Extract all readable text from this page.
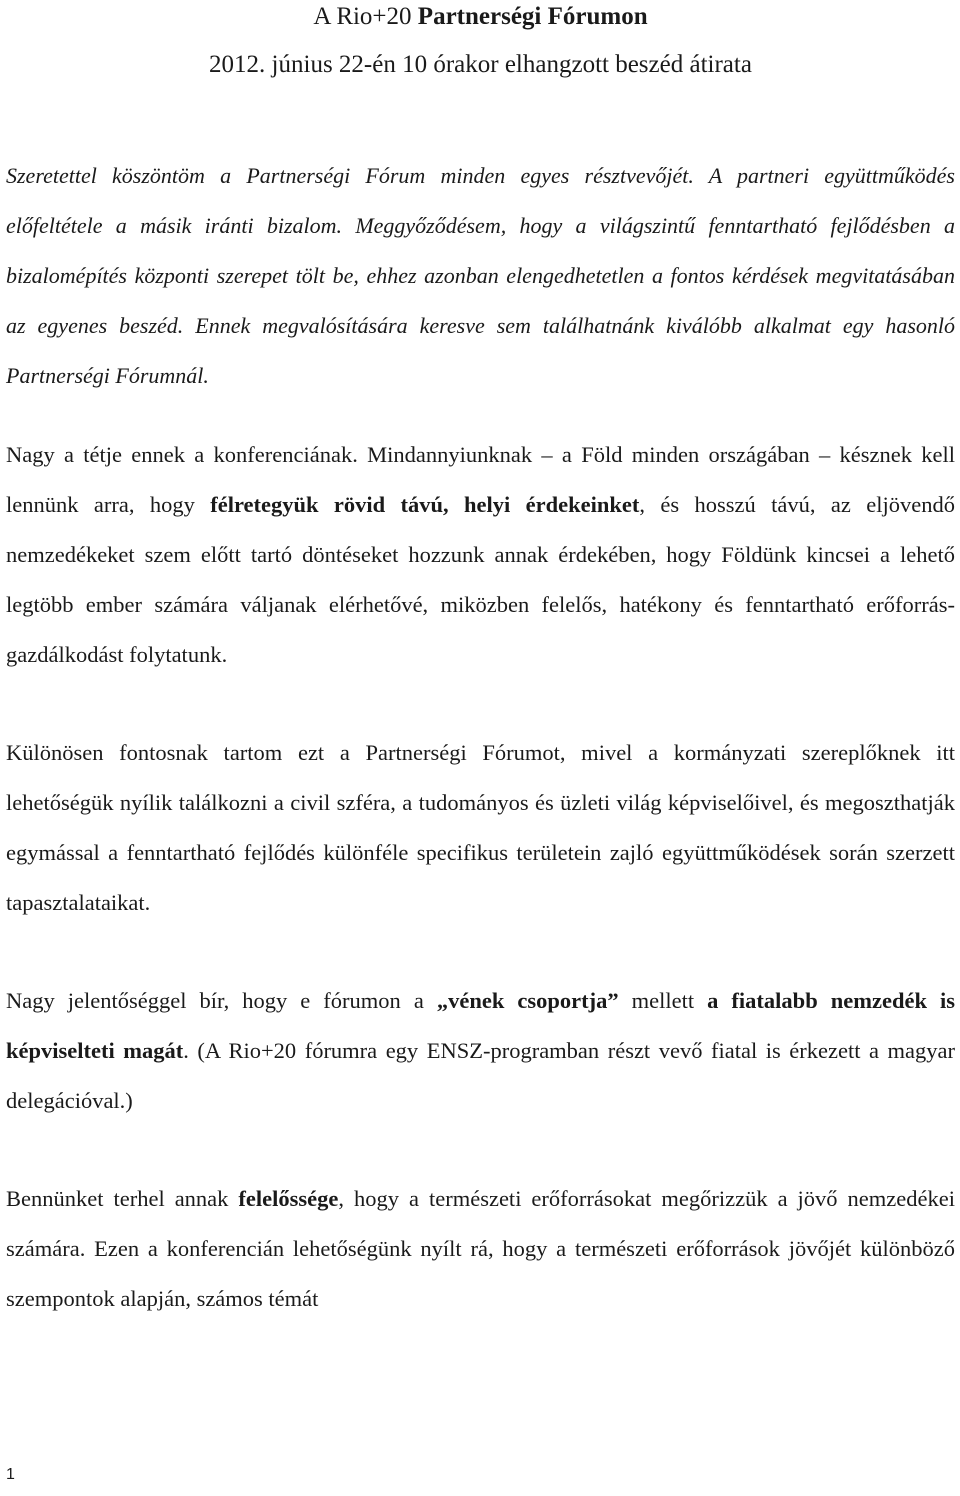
A Rio+20 Partnerségi Fórumon
2012. június 22-én 10 órakor elhangzott beszéd átirata

Szeretettel köszöntöm a Partnerségi Fórum minden egyes résztvevőjét. A partneri együttműködés előfeltétele a másik iránti bizalom. Meggyőződésem, hogy a világszintű fenntartható fejlődésben a bizalomépítés központi szerepet tölt be, ehhez azonban elengedhetetlen a fontos kérdések megvitatásában az egyenes beszéd. Ennek megvalósítására keresve sem találhatnánk kiválóbb alkalmat egy hasonló Partnerségi Fórumnál.

Nagy a tétje ennek a konferenciának. Mindannyiunknak – a Föld minden országában – késznek kell lennünk arra, hogy félretegyük rövid távú, helyi érdekeinket, és hosszú távú, az eljövendő nemzedékeket szem előtt tartó döntéseket hozzunk annak érdekében, hogy Földünk kincsei a lehető legtöbb ember számára váljanak elérhetővé, miközben felelős, hatékony és fenntartható erőforrás-gazdálkodást folytatunk.

Különösen fontosnak tartom ezt a Partnerségi Fórumot, mivel a kormányzati szereplőknek itt lehetőségük nyílik találkozni a civil szféra, a tudományos és üzleti világ képviselőivel, és megoszthatják egymással a fenntartható fejlődés különféle specifikus területein zajló együttműködések során szerzett tapasztalataikat.

Nagy jelentőséggel bír, hogy e fórumon a „vének csoportja” mellett a fiatalabb nemzedék is képviselteti magát. (A Rio+20 fórumra egy ENSZ-programban részt vevő fiatal is érkezett a magyar delegációval.)

Bennünket terhel annak felelőssége, hogy a természeti erőforrásokat megőrizzük a jövő nemzedékei számára. Ezen a konferencián lehetőségünk nyílt rá, hogy a természeti erőforrások jövőjét különböző szempontok alapján, számos témát

1
